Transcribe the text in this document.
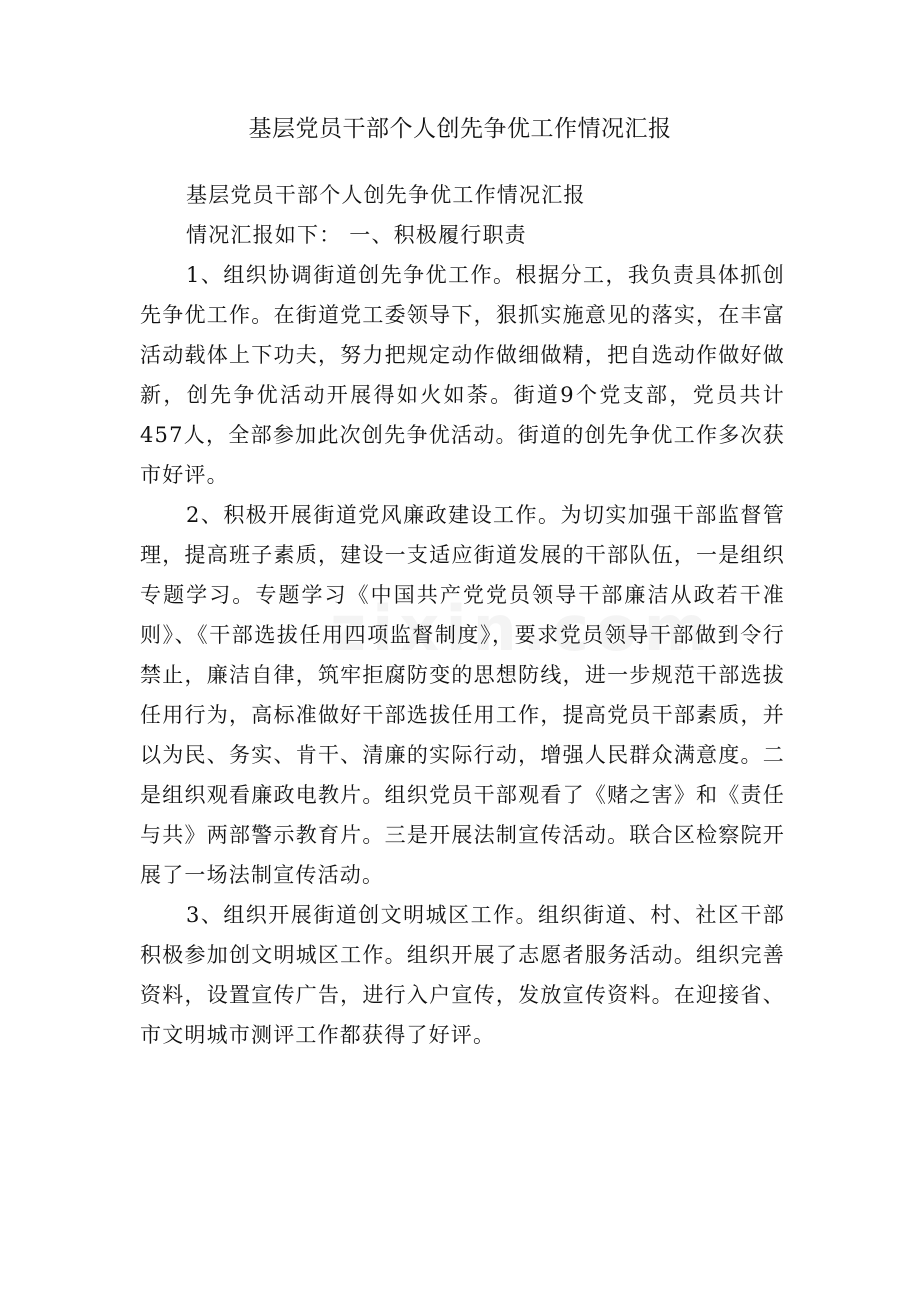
基层党员干部个人创先争优工作情况汇报

基层党员干部个人创先争优工作情况汇报

情况汇报如下： 一、积极履行职责

1、组织协调街道创先争优工作。根据分工，我负责具体抓创先争优工作。在街道党工委领导下，狠抓实施意见的落实，在丰富活动载体上下功夫，努力把规定动作做细做精，把自选动作做好做新，创先争优活动开展得如火如荼。街道9个党支部，党员共计457人，全部参加此次创先争优活动。街道的创先争优工作多次获市好评。

2、积极开展街道党风廉政建设工作。为切实加强干部监督管理，提高班子素质，建设一支适应街道发展的干部队伍，一是组织专题学习。专题学习《中国共产党党员领导干部廉洁从政若干准则》、《干部选拔任用四项监督制度》，要求党员领导干部做到令行禁止，廉洁自律，筑牢拒腐防变的思想防线，进一步规范干部选拔任用行为，高标准做好干部选拔任用工作，提高党员干部素质，并以为民、务实、肯干、清廉的实际行动，增强人民群众满意度。二是组织观看廉政电教片。组织党员干部观看了《赌之害》和《责任与共》两部警示教育片。三是开展法制宣传活动。联合区检察院开展了一场法制宣传活动。

3、组织开展街道创文明城区工作。组织街道、村、社区干部积极参加创文明城区工作。组织开展了志愿者服务活动。组织完善资料，设置宣传广告，进行入户宣传，发放宣传资料。在迎接省、市文明城市测评工作都获得了好评。
